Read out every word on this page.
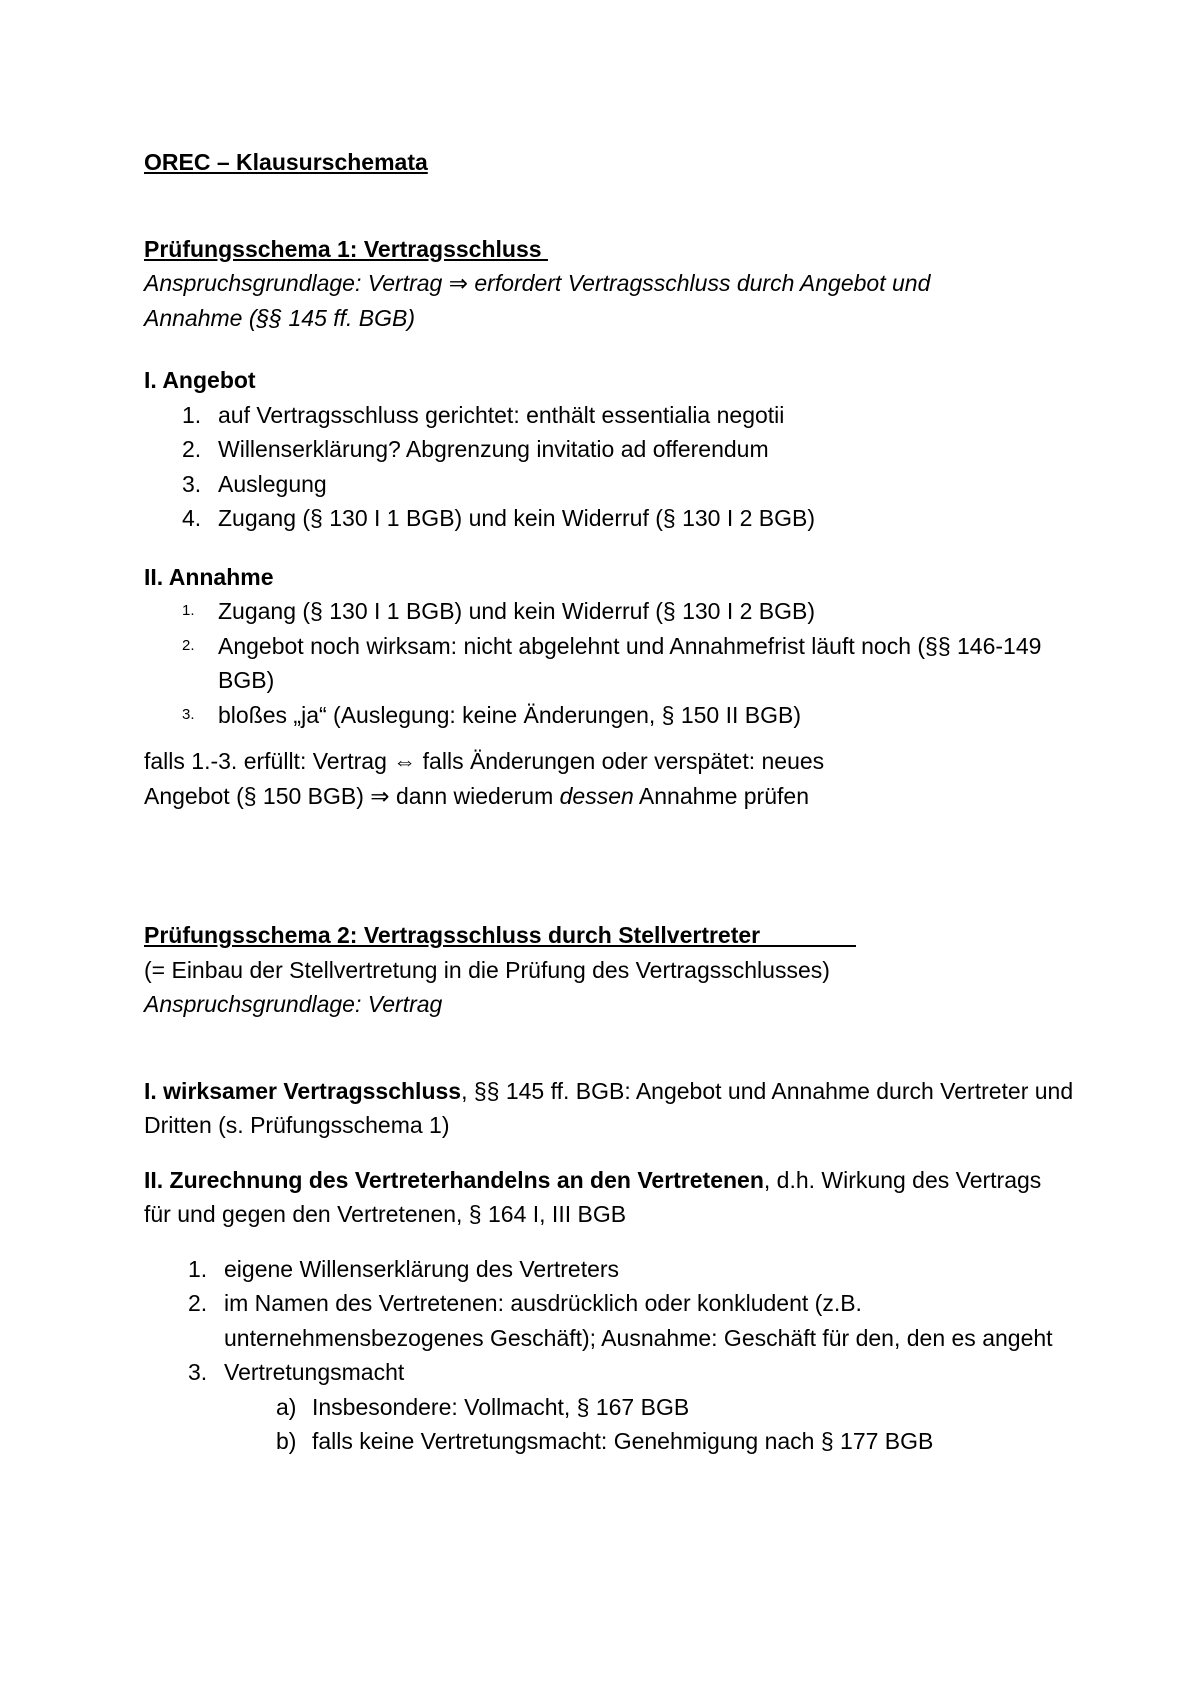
OREC – Klausurschemata
Prüfungsschema 1: Vertragsschluss
Anspruchsgrundlage: Vertrag ⇒ erfordert Vertragsschluss durch Angebot und
Annahme (§§ 145 ff. BGB)
I. Angebot
1. auf Vertragsschluss gerichtet: enthält essentialia negotii
2. Willenserklärung? Abgrenzung invitatio ad offerendum
3. Auslegung
4. Zugang (§ 130 I 1 BGB) und kein Widerruf (§ 130 I 2 BGB)
II. Annahme
1. Zugang (§ 130 I 1 BGB) und kein Widerruf (§ 130 I 2 BGB)
2. Angebot noch wirksam: nicht abgelehnt und Annahmefrist läuft noch (§§ 146-149 BGB)
3. bloßes „ja“ (Auslegung: keine Änderungen, § 150 II BGB)
falls 1.-3. erfüllt: Vertrag ⇔ falls Änderungen oder verspätet: neues
Angebot (§ 150 BGB) ⇒ dann wiederum dessen Annahme prüfen
Prüfungsschema 2: Vertragsschluss durch Stellvertreter
(= Einbau der Stellvertretung in die Prüfung des Vertragsschlusses)
Anspruchsgrundlage: Vertrag
I. wirksamer Vertragsschluss, §§ 145 ff. BGB: Angebot und Annahme durch Vertreter und Dritten (s. Prüfungsschema 1)
II. Zurechnung des Vertreterhandelns an den Vertretenen, d.h. Wirkung des Vertrags für und gegen den Vertretenen, § 164 I, III BGB
1. eigene Willenserklärung des Vertreters
2. im Namen des Vertretenen: ausdrücklich oder konkludent (z.B. unternehmensbezogenes Geschäft); Ausnahme: Geschäft für den, den es angeht
3. Vertretungsmacht
a) Insbesondere: Vollmacht, § 167 BGB
b) falls keine Vertretungsmacht: Genehmigung nach § 177 BGB
